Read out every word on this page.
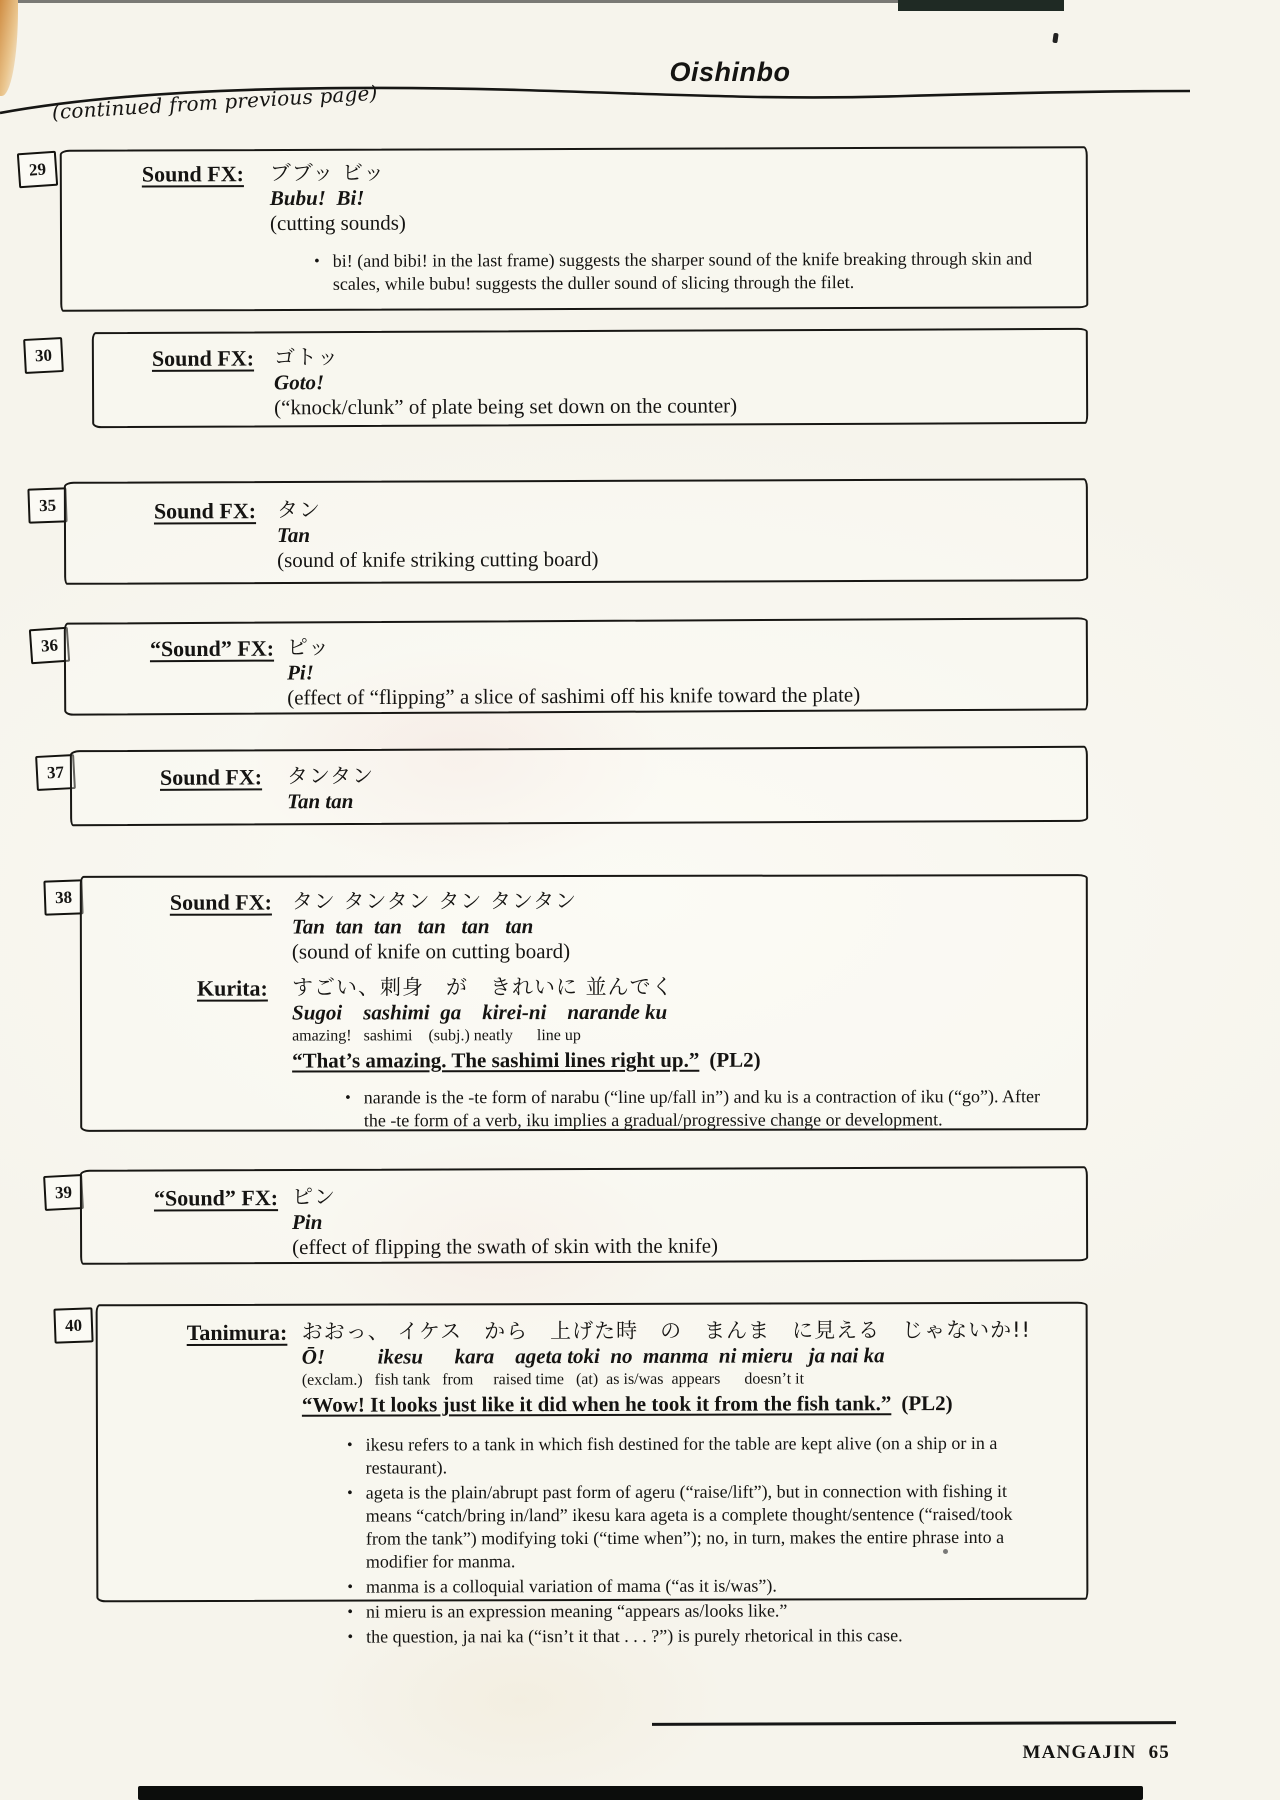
Oishinbo
(continued from previous page)
29	Sound FX:	ブブッ ビッ
Bubu!  Bi!
(cutting sounds)
• bi! (and bibi! in the last frame) suggests the sharper sound of the knife breaking through skin and scales, while bubu! suggests the duller sound of slicing through the filet.
30	Sound FX: ゴトッ
Goto!
(“knock/clunk” of plate being set down on the counter)
35	Sound FX: タン
Tan
(sound of knife striking cutting board)
36	“Sound” FX: ピッ
Pi!
(effect of “flipping” a slice of sashimi off his knife toward the plate)
37	Sound FX:	タンタン
Tan tan
38	Sound FX: タン タンタン タン タンタン
Tan  tan  tan   tan   tan   tan
(sound of knife on cutting board)
Kurita:	すごい、刺身　が　きれいに 並んでく
Sugoi    sashimi  ga    kirei-ni    narande ku
amazing!   sashimi    (subj.) neatly      line up
“That’s amazing. The sashimi lines right up.” (PL2)
• narande is the -te form of narabu (“line up/fall in”) and ku is a contraction of iku (“go”). After the -te form of a verb, iku implies a gradual/progressive change or development.
39	“Sound” FX: ピン
Pin
(effect of flipping the swath of skin with the knife)
40	Tanimura: おおっ、 イケス　から　上げた時　の　まんま　に見える　じゃないか!!
Ō!          ikesu      kara    ageta toki  no  manma  ni mieru   ja nai ka
(exclam.)   fish tank   from     raised time   (at)  as is/was  appears      doesn’t it
“Wow! It looks just like it did when he took it from the fish tank.” (PL2)
• ikesu refers to a tank in which fish destined for the table are kept alive (on a ship or in a restaurant).
• ageta is the plain/abrupt past form of ageru (“raise/lift”), but in connection with fishing it means “catch/bring in/land” ikesu kara ageta is a complete thought/sentence (“raised/took from the tank”) modifying toki (“time when”); no, in turn, makes the entire phrase into a modifier for manma.
• manma is a colloquial variation of mama (“as it is/was”).
• ni mieru is an expression meaning “appears as/looks like.”
• the question, ja nai ka (“isn’t it that . . . ?”) is purely rhetorical in this case.
MANGAJIN 65
